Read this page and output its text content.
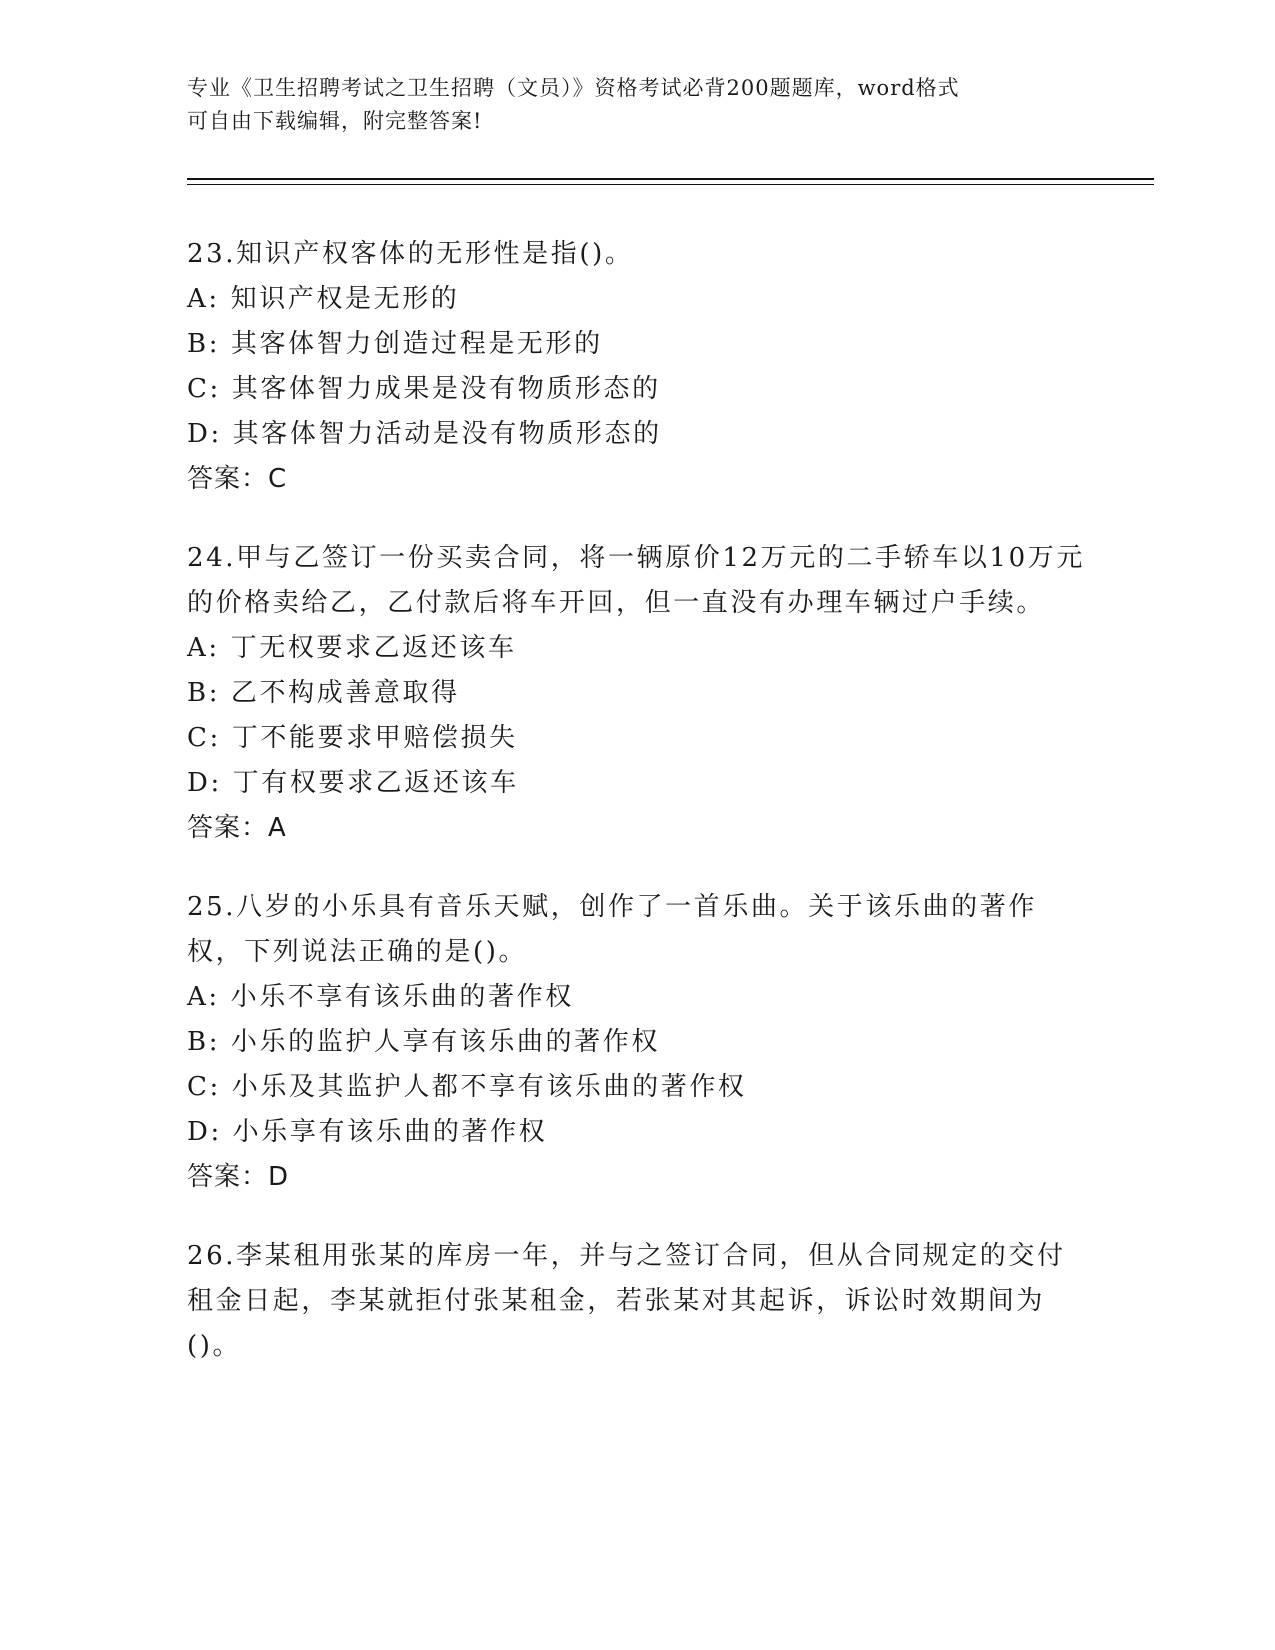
专业《卫生招聘考试之卫生招聘（文员）》资格考试必背200题题库，word格式
可自由下载编辑，附完整答案!
23.知识产权客体的无形性是指()。
A: 知识产权是无形的
B: 其客体智力创造过程是无形的
C: 其客体智力成果是没有物质形态的
D: 其客体智力活动是没有物质形态的
答案：C
24.甲与乙签订一份买卖合同，将一辆原价12万元的二手轿车以10万元的价格卖给乙，乙付款后将车开回，但一直没有办理车辆过户手续。
A: 丁无权要求乙返还该车
B: 乙不构成善意取得
C: 丁不能要求甲赔偿损失
D: 丁有权要求乙返还该车
答案：A
25.八岁的小乐具有音乐天赋，创作了一首乐曲。关于该乐曲的著作权，下列说法正确的是()。
A: 小乐不享有该乐曲的著作权
B: 小乐的监护人享有该乐曲的著作权
C: 小乐及其监护人都不享有该乐曲的著作权
D: 小乐享有该乐曲的著作权
答案：D
26.李某租用张某的库房一年，并与之签订合同，但从合同规定的交付租金日起，李某就拒付张某租金，若张某对其起诉，诉讼时效期间为()。
